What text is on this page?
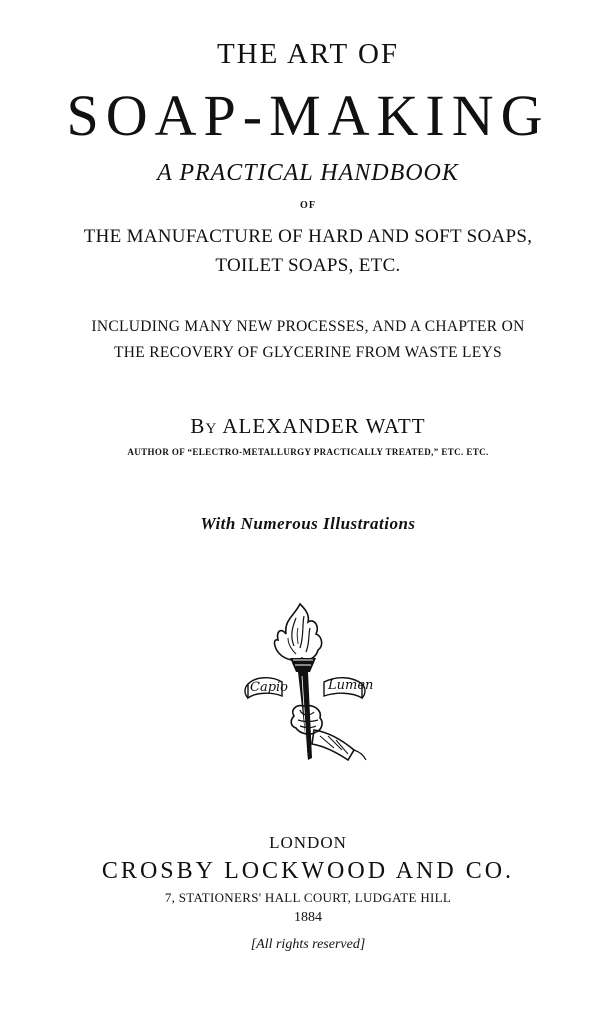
THE ART OF
SOAP-MAKING
A PRACTICAL HANDBOOK
OF
THE MANUFACTURE OF HARD AND SOFT SOAPS,
TOILET SOAPS, ETC.
INCLUDING MANY NEW PROCESSES, AND A CHAPTER ON
THE RECOVERY OF GLYCERINE FROM WASTE LEYS
BY ALEXANDER WATT
AUTHOR OF “ELECTRO-METALLURGY PRACTICALLY TREATED,” ETC. ETC.
With Numerous Illustrations
Capio	Lumen
LONDON
CROSBY LOCKWOOD AND CO.
7, STATIONERS' HALL COURT, LUDGATE HILL
1884
[All rights reserved]
